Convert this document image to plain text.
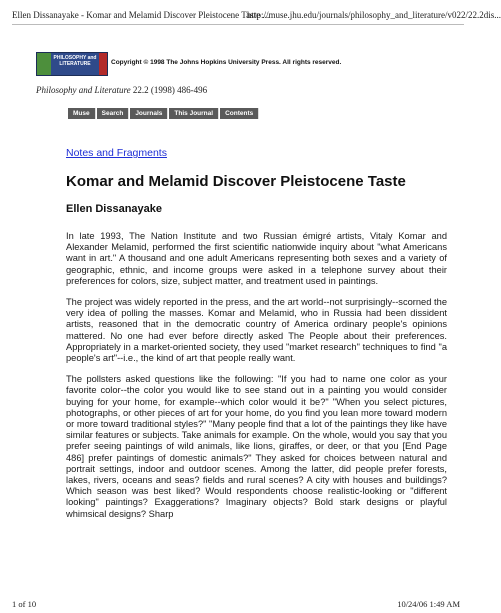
Ellen Dissanayake - Komar and Melamid Discover Pleistocene Taste ...
http://muse.jhu.edu/journals/philosophy_and_literature/v022/22.2dis...
PHILOSOPHY and LITERATURE	Copyright © 1998 The Johns Hopkins University Press. All rights reserved.
Philosophy and Literature 22.2 (1998) 486-496
Muse	Search	Journals	This Journal	Contents
Notes and Fragments
Komar and Melamid Discover Pleistocene Taste
Ellen Dissanayake

In late 1993, The Nation Institute and two Russian émigré artists, Vitaly Komar and Alexander Melamid, performed the first scientific nationwide inquiry about "what Americans want in art." A thousand and one adult Americans representing both sexes and a variety of geographic, ethnic, and income groups were asked in a telephone survey about their preferences for colors, size, subject matter, and treatment used in paintings.

The project was widely reported in the press, and the art world--not surprisingly--scorned the very idea of polling the masses. Komar and Melamid, who in Russia had been dissident artists, reasoned that in the democratic country of America ordinary people's opinions mattered. No one had ever before directly asked The People about their preferences. Appropriately in a market-oriented society, they used "market research" techniques to find "a people's art"--i.e., the kind of art that people really want.

The pollsters asked questions like the following: "If you had to name one color as your favorite color--the color you would like to see stand out in a painting you would consider buying for your home, for example--which color would it be?" "When you select pictures, photographs, or other pieces of art for your home, do you find you lean more toward modern or more toward traditional styles?" "Many people find that a lot of the paintings they like have similar features or subjects. Take animals for example. On the whole, would you say that you prefer seeing paintings of wild animals, like lions, giraffes, or deer, or that you [End Page 486] prefer paintings of domestic animals?" They asked for choices between natural and portrait settings, indoor and outdoor scenes. Among the latter, did people prefer forests, lakes, rivers, oceans and seas? fields and rural scenes? A city with houses and buildings? Which season was best liked? Would respondents choose realistic-looking or "different looking" paintings? Exaggerations? Imaginary objects? Bold stark designs or playful whimsical designs? Sharp

1 of 10	10/24/06 1:49 AM
